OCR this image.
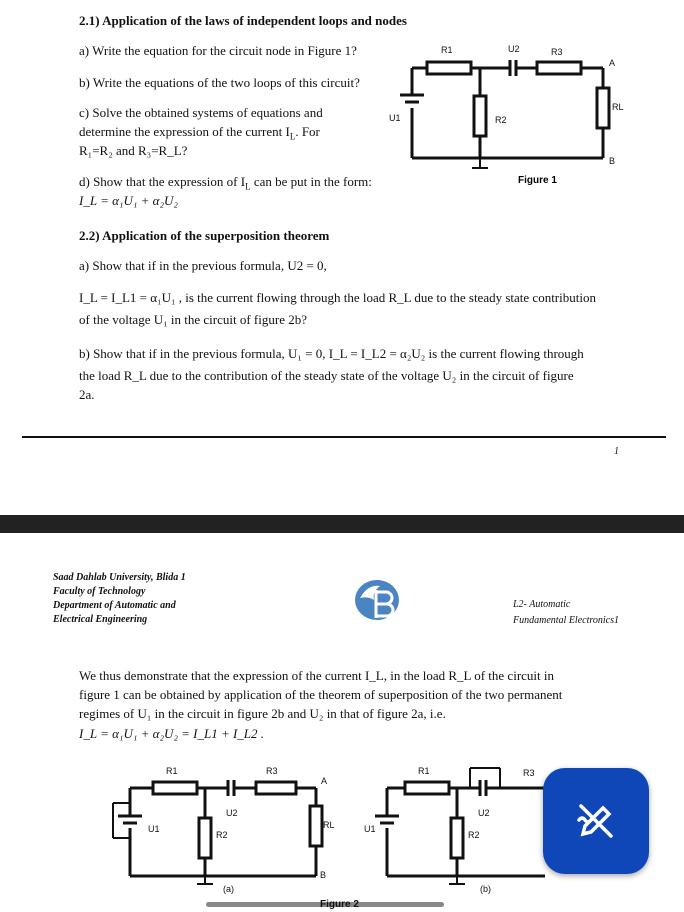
2.1) Application of the laws of independent loops and nodes
a) Write the equation for the circuit node in Figure 1?
b) Write the equations of the two loops of this circuit?
c) Solve the obtained systems of equations and
determine the expression of the current $I_L$. For
R₁=R₂ and R₃=R_L?
d) Show that the expression of $I_L$ can be put in the form:
I_L = α₁U₁ + α₂U₂
R1	U2	R3
A
RL
U1	R2
B
Figure 1
2.2) Application of the superposition theorem
a) Show that if in the previous formula, U2 = 0,
I_L = I_L1 = α₁U₁ , is the current flowing through the load R_L due to the steady state contribution
of the voltage U₁ in the circuit of figure 2b?
b) Show that if in the previous formula, U₁ = 0, I_L = I_L2 = α₂U₂ is the current flowing through
the load R_L due to the contribution of the steady state of the voltage U₂ in the circuit of figure
2a.
1
Saad Dahlab University, Blida 1
Faculty of Technology
Department of Automatic and
Electrical Engineering
L2- Automatic
Fundamental Electronics1
We thus demonstrate that the expression of the current I_L, in the load R_L of the circuit in
figure 1 can be obtained by application of the theorem of superposition of the two permanent
regimes of U₁ in the circuit in figure 2b and U₂ in that of figure 2a, i.e.
I_L = α₁U₁ + α₂U₂ = I_L1 + I_L2 .
R1	R3
A
U2
RL
U1
R2
B
(a)
R1	R3
U2
U1
R2
(b)
Figure 2
